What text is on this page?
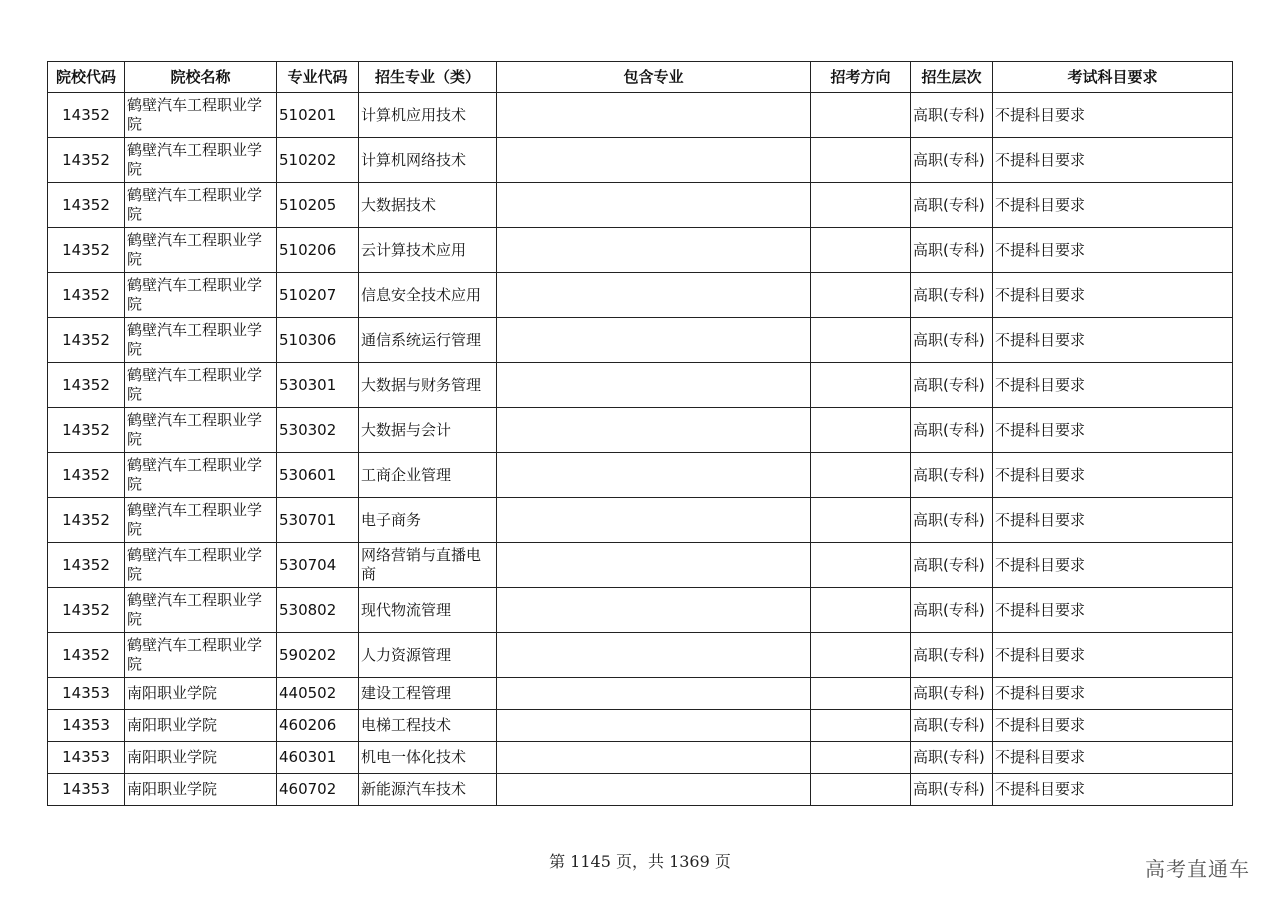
院校代码	院校名称	专业代码	招生专业（类）	包含专业	招考方向	招生层次	考试科目要求
14352	鹤壁汽车工程职业学院	510201	计算机应用技术			高职(专科)	不提科目要求
14352	鹤壁汽车工程职业学院	510202	计算机网络技术			高职(专科)	不提科目要求
14352	鹤壁汽车工程职业学院	510205	大数据技术			高职(专科)	不提科目要求
14352	鹤壁汽车工程职业学院	510206	云计算技术应用			高职(专科)	不提科目要求
14352	鹤壁汽车工程职业学院	510207	信息安全技术应用			高职(专科)	不提科目要求
14352	鹤壁汽车工程职业学院	510306	通信系统运行管理			高职(专科)	不提科目要求
14352	鹤壁汽车工程职业学院	530301	大数据与财务管理			高职(专科)	不提科目要求
14352	鹤壁汽车工程职业学院	530302	大数据与会计			高职(专科)	不提科目要求
14352	鹤壁汽车工程职业学院	530601	工商企业管理			高职(专科)	不提科目要求
14352	鹤壁汽车工程职业学院	530701	电子商务			高职(专科)	不提科目要求
14352	鹤壁汽车工程职业学院	530704	网络营销与直播电商			高职(专科)	不提科目要求
14352	鹤壁汽车工程职业学院	530802	现代物流管理			高职(专科)	不提科目要求
14352	鹤壁汽车工程职业学院	590202	人力资源管理			高职(专科)	不提科目要求
14353	南阳职业学院	440502	建设工程管理			高职(专科)	不提科目要求
14353	南阳职业学院	460206	电梯工程技术			高职(专科)	不提科目要求
14353	南阳职业学院	460301	机电一体化技术			高职(专科)	不提科目要求
14353	南阳职业学院	460702	新能源汽车技术			高职(专科)	不提科目要求
第 1145 页，共 1369 页	高考直通车
